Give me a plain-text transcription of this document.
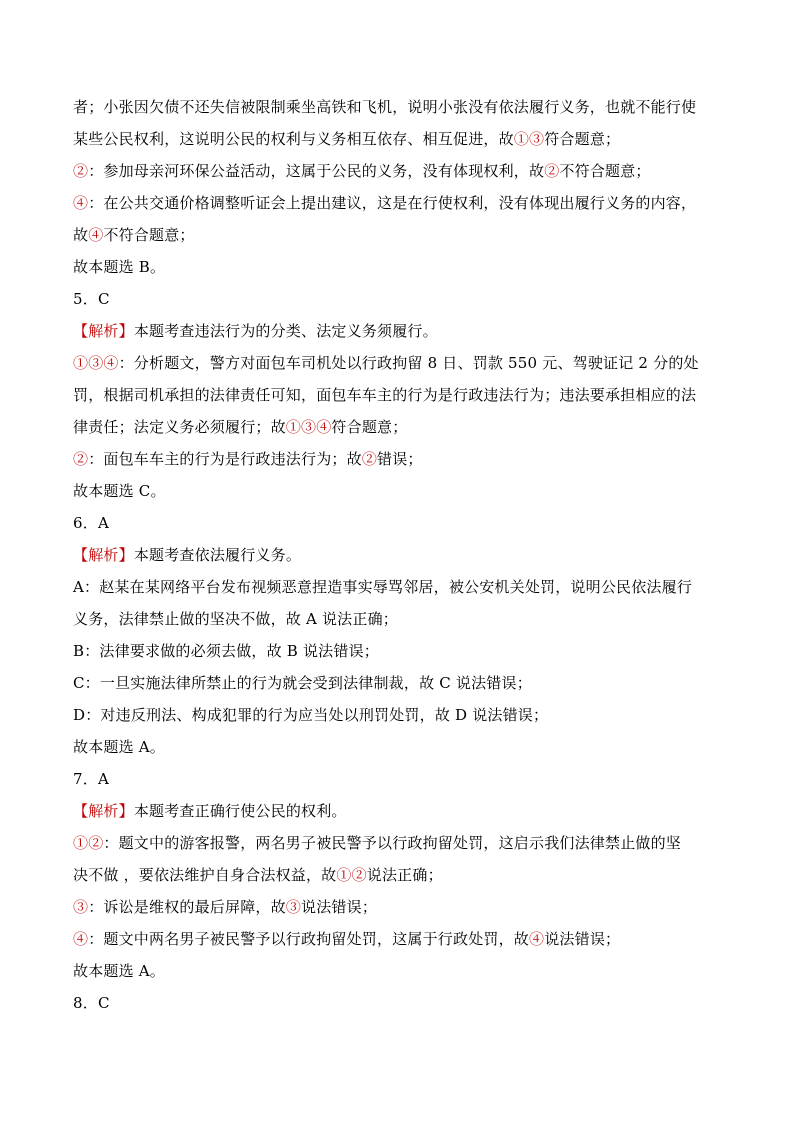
者；小张因欠债不还失信被限制乘坐高铁和飞机，说明小张没有依法履行义务，也就不能行使
某些公民权利，这说明公民的权利与义务相互依存、相互促进，故①③符合题意；
②：参加母亲河环保公益活动，这属于公民的义务，没有体现权利，故②不符合题意；
④：在公共交通价格调整听证会上提出建议，这是在行使权利，没有体现出履行义务的内容，
故④不符合题意；
故本题选 B。
5．C
【解析】本题考查违法行为的分类、法定义务须履行。
①③④：分析题文，警方对面包车司机处以行政拘留 8 日、罚款 550 元、驾驶证记 2 分的处
罚，根据司机承担的法律责任可知，面包车车主的行为是行政违法行为；违法要承担相应的法
律责任；法定义务必须履行；故①③④符合题意；
②：面包车车主的行为是行政违法行为；故②错误；
故本题选 C。
6．A
【解析】本题考查依法履行义务。
A：赵某在某网络平台发布视频恶意捏造事实辱骂邻居，被公安机关处罚，说明公民依法履行
义务，法律禁止做的坚决不做，故 A 说法正确；
B：法律要求做的必须去做，故 B 说法错误；
C：一旦实施法律所禁止的行为就会受到法律制裁，故 C 说法错误；
D：对违反刑法、构成犯罪的行为应当处以刑罚处罚，故 D 说法错误；
故本题选 A。
7．A
【解析】本题考查正确行使公民的权利。
①②：题文中的游客报警，两名男子被民警予以行政拘留处罚，这启示我们法律禁止做的坚
决不做 ，要依法维护自身合法权益，故①②说法正确；
③：诉讼是维权的最后屏障，故③说法错误；
④：题文中两名男子被民警予以行政拘留处罚，这属于行政处罚，故④说法错误；
故本题选 A。
8．C
